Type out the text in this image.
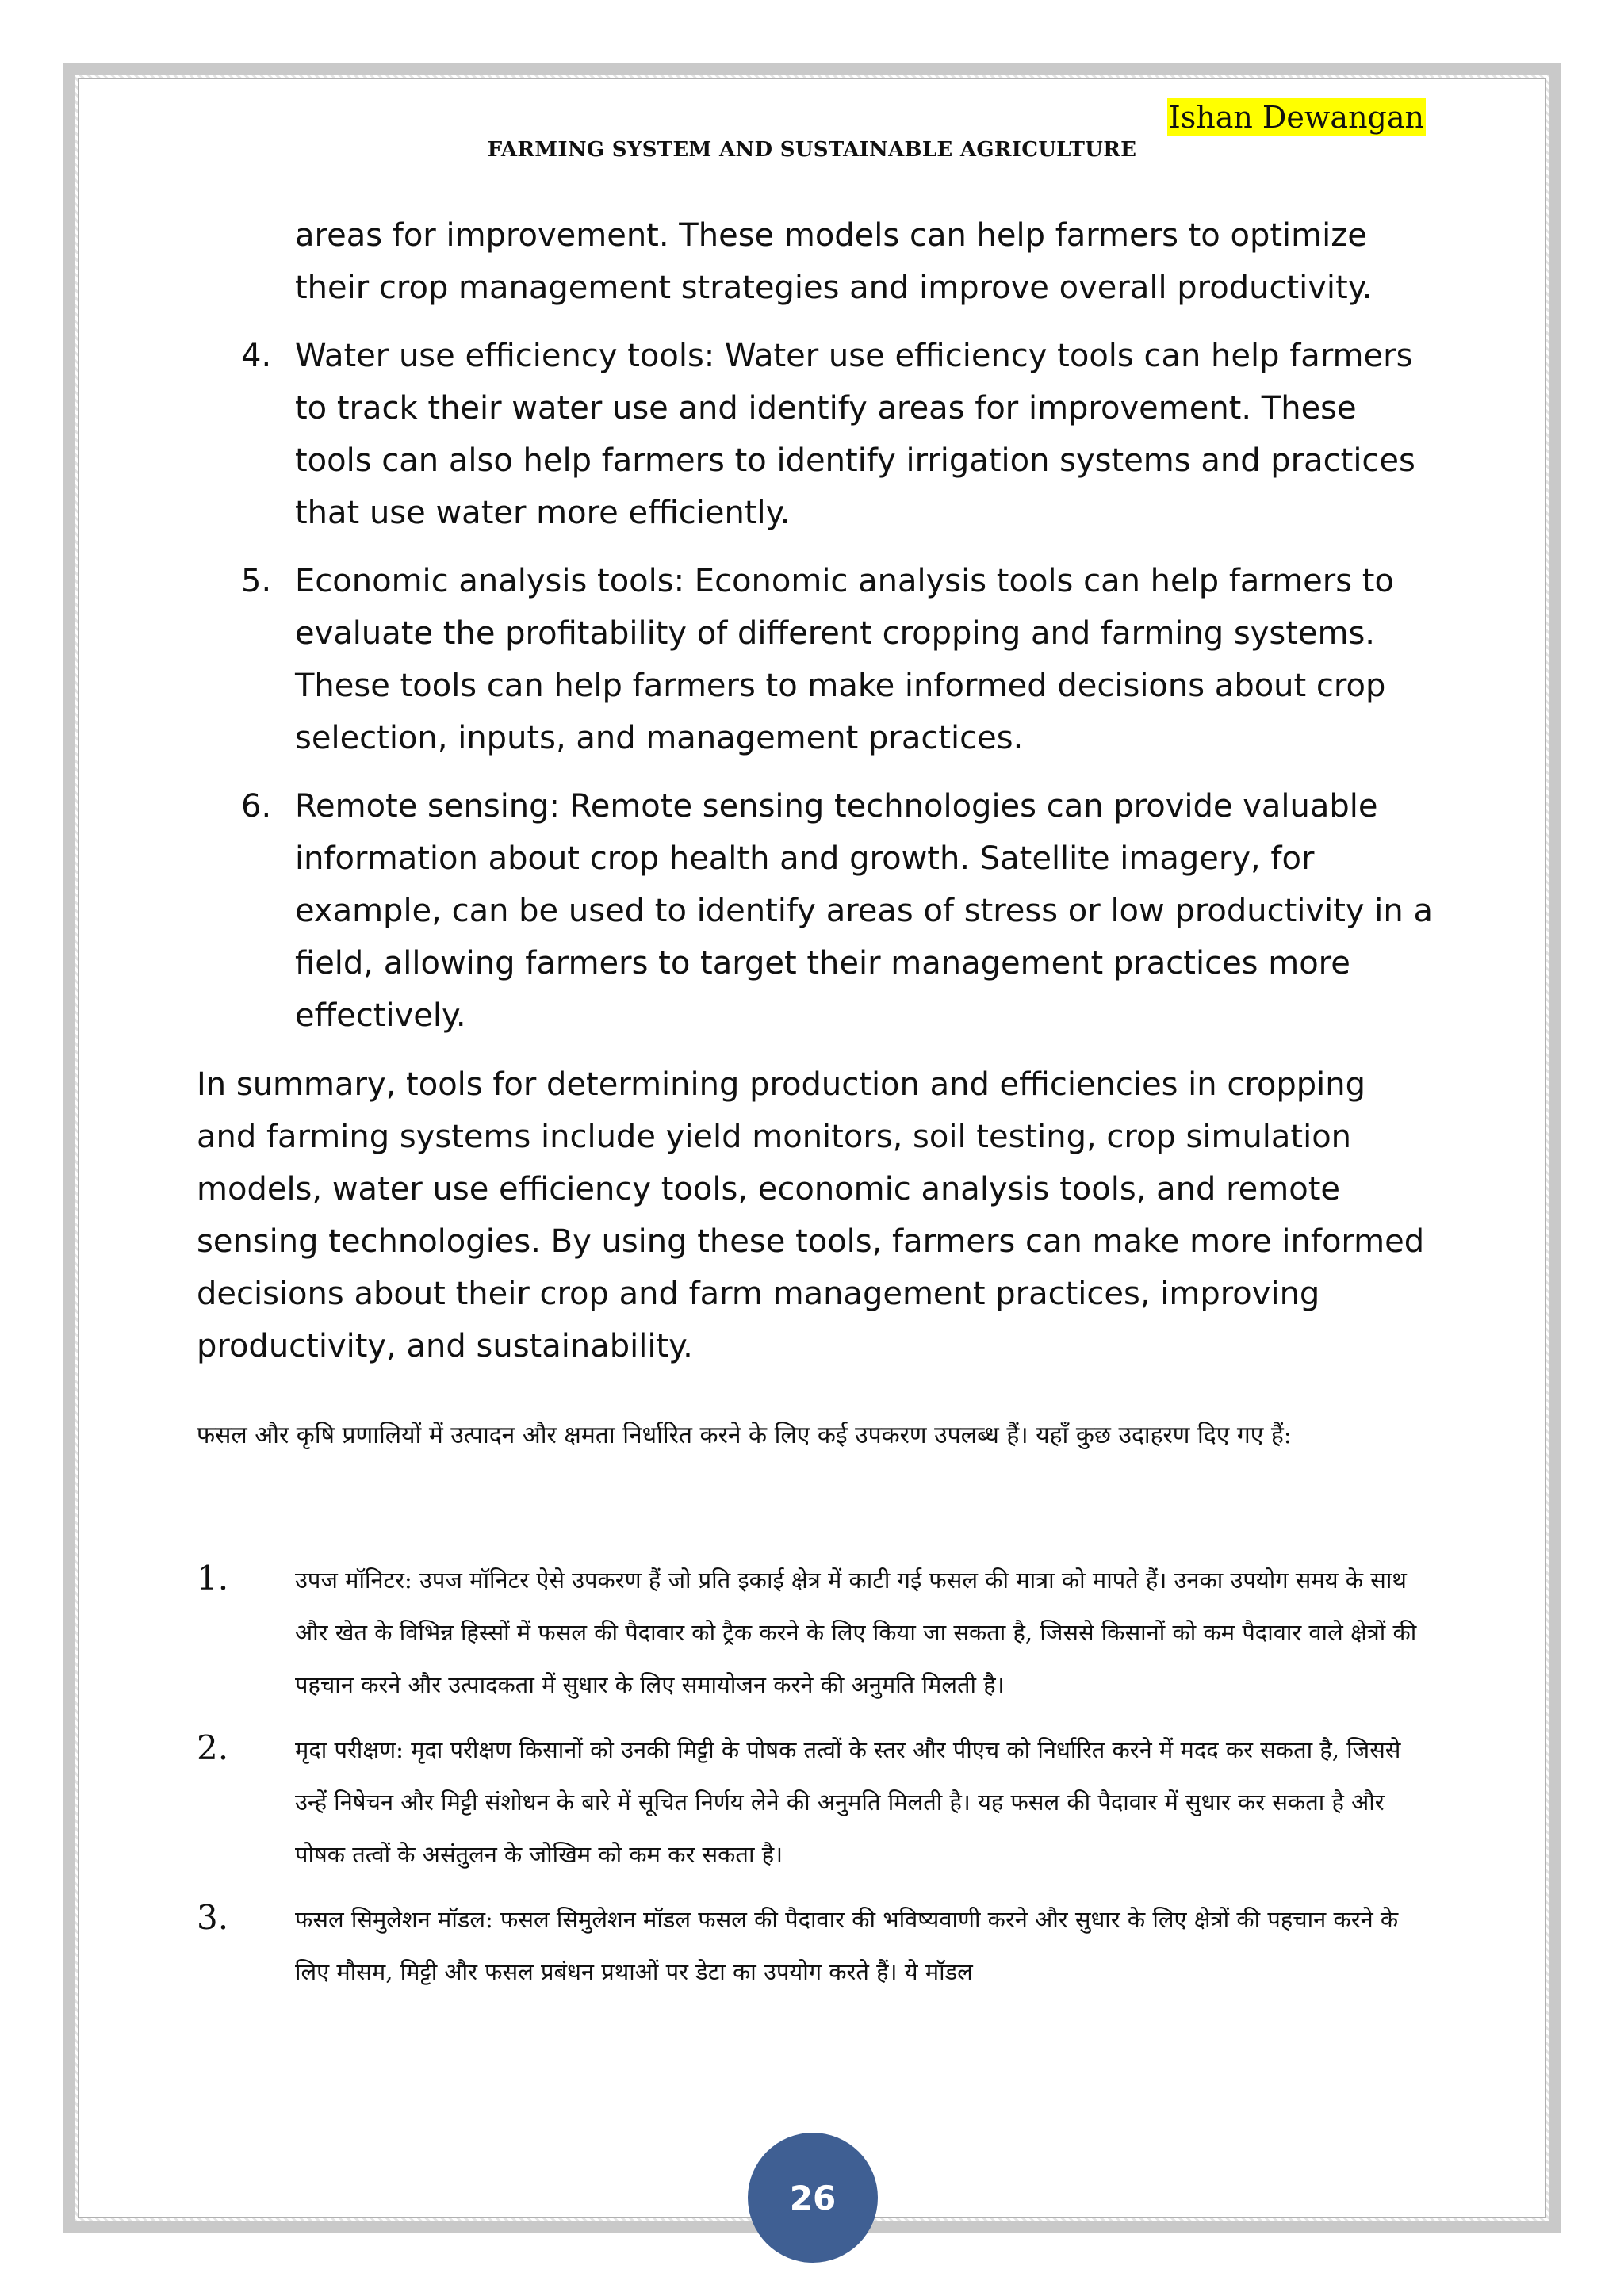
Ishan Dewangan
FARMING SYSTEM AND SUSTAINABLE AGRICULTURE
areas for improvement. These models can help farmers to optimize their crop management strategies and improve overall productivity.
4. Water use efficiency tools: Water use efficiency tools can help farmers to track their water use and identify areas for improvement. These tools can also help farmers to identify irrigation systems and practices that use water more efficiently.
5. Economic analysis tools: Economic analysis tools can help farmers to evaluate the profitability of different cropping and farming systems. These tools can help farmers to make informed decisions about crop selection, inputs, and management practices.
6. Remote sensing: Remote sensing technologies can provide valuable information about crop health and growth. Satellite imagery, for example, can be used to identify areas of stress or low productivity in a field, allowing farmers to target their management practices more effectively.

In summary, tools for determining production and efficiencies in cropping and farming systems include yield monitors, soil testing, crop simulation models, water use efficiency tools, economic analysis tools, and remote sensing technologies. By using these tools, farmers can make more informed decisions about their crop and farm management practices, improving productivity, and sustainability.

फसल और कृषि प्रणालियों में उत्पादन और क्षमता निर्धारित करने के लिए कई उपकरण उपलब्ध हैं। यहाँ कुछ उदाहरण दिए गए हैं:

1.	उपज मॉनिटर: उपज मॉनिटर ऐसे उपकरण हैं जो प्रति इकाई क्षेत्र में काटी गई फसल की मात्रा को मापते हैं। उनका उपयोग समय के साथ और खेत के विभिन्न हिस्सों में फसल की पैदावार को ट्रैक करने के लिए किया जा सकता है, जिससे किसानों को कम पैदावार वाले क्षेत्रों की पहचान करने और उत्पादकता में सुधार के लिए समायोजन करने की अनुमति मिलती है।
2.	मृदा परीक्षण: मृदा परीक्षण किसानों को उनकी मिट्टी के पोषक तत्वों के स्तर और पीएच को निर्धारित करने में मदद कर सकता है, जिससे उन्हें निषेचन और मिट्टी संशोधन के बारे में सूचित निर्णय लेने की अनुमति मिलती है। यह फसल की पैदावार में सुधार कर सकता है और पोषक तत्वों के असंतुलन के जोखिम को कम कर सकता है।
3.	फसल सिमुलेशन मॉडल: फसल सिमुलेशन मॉडल फसल की पैदावार की भविष्यवाणी करने और सुधार के लिए क्षेत्रों की पहचान करने के लिए मौसम, मिट्टी और फसल प्रबंधन प्रथाओं पर डेटा का उपयोग करते हैं। ये मॉडल
26
